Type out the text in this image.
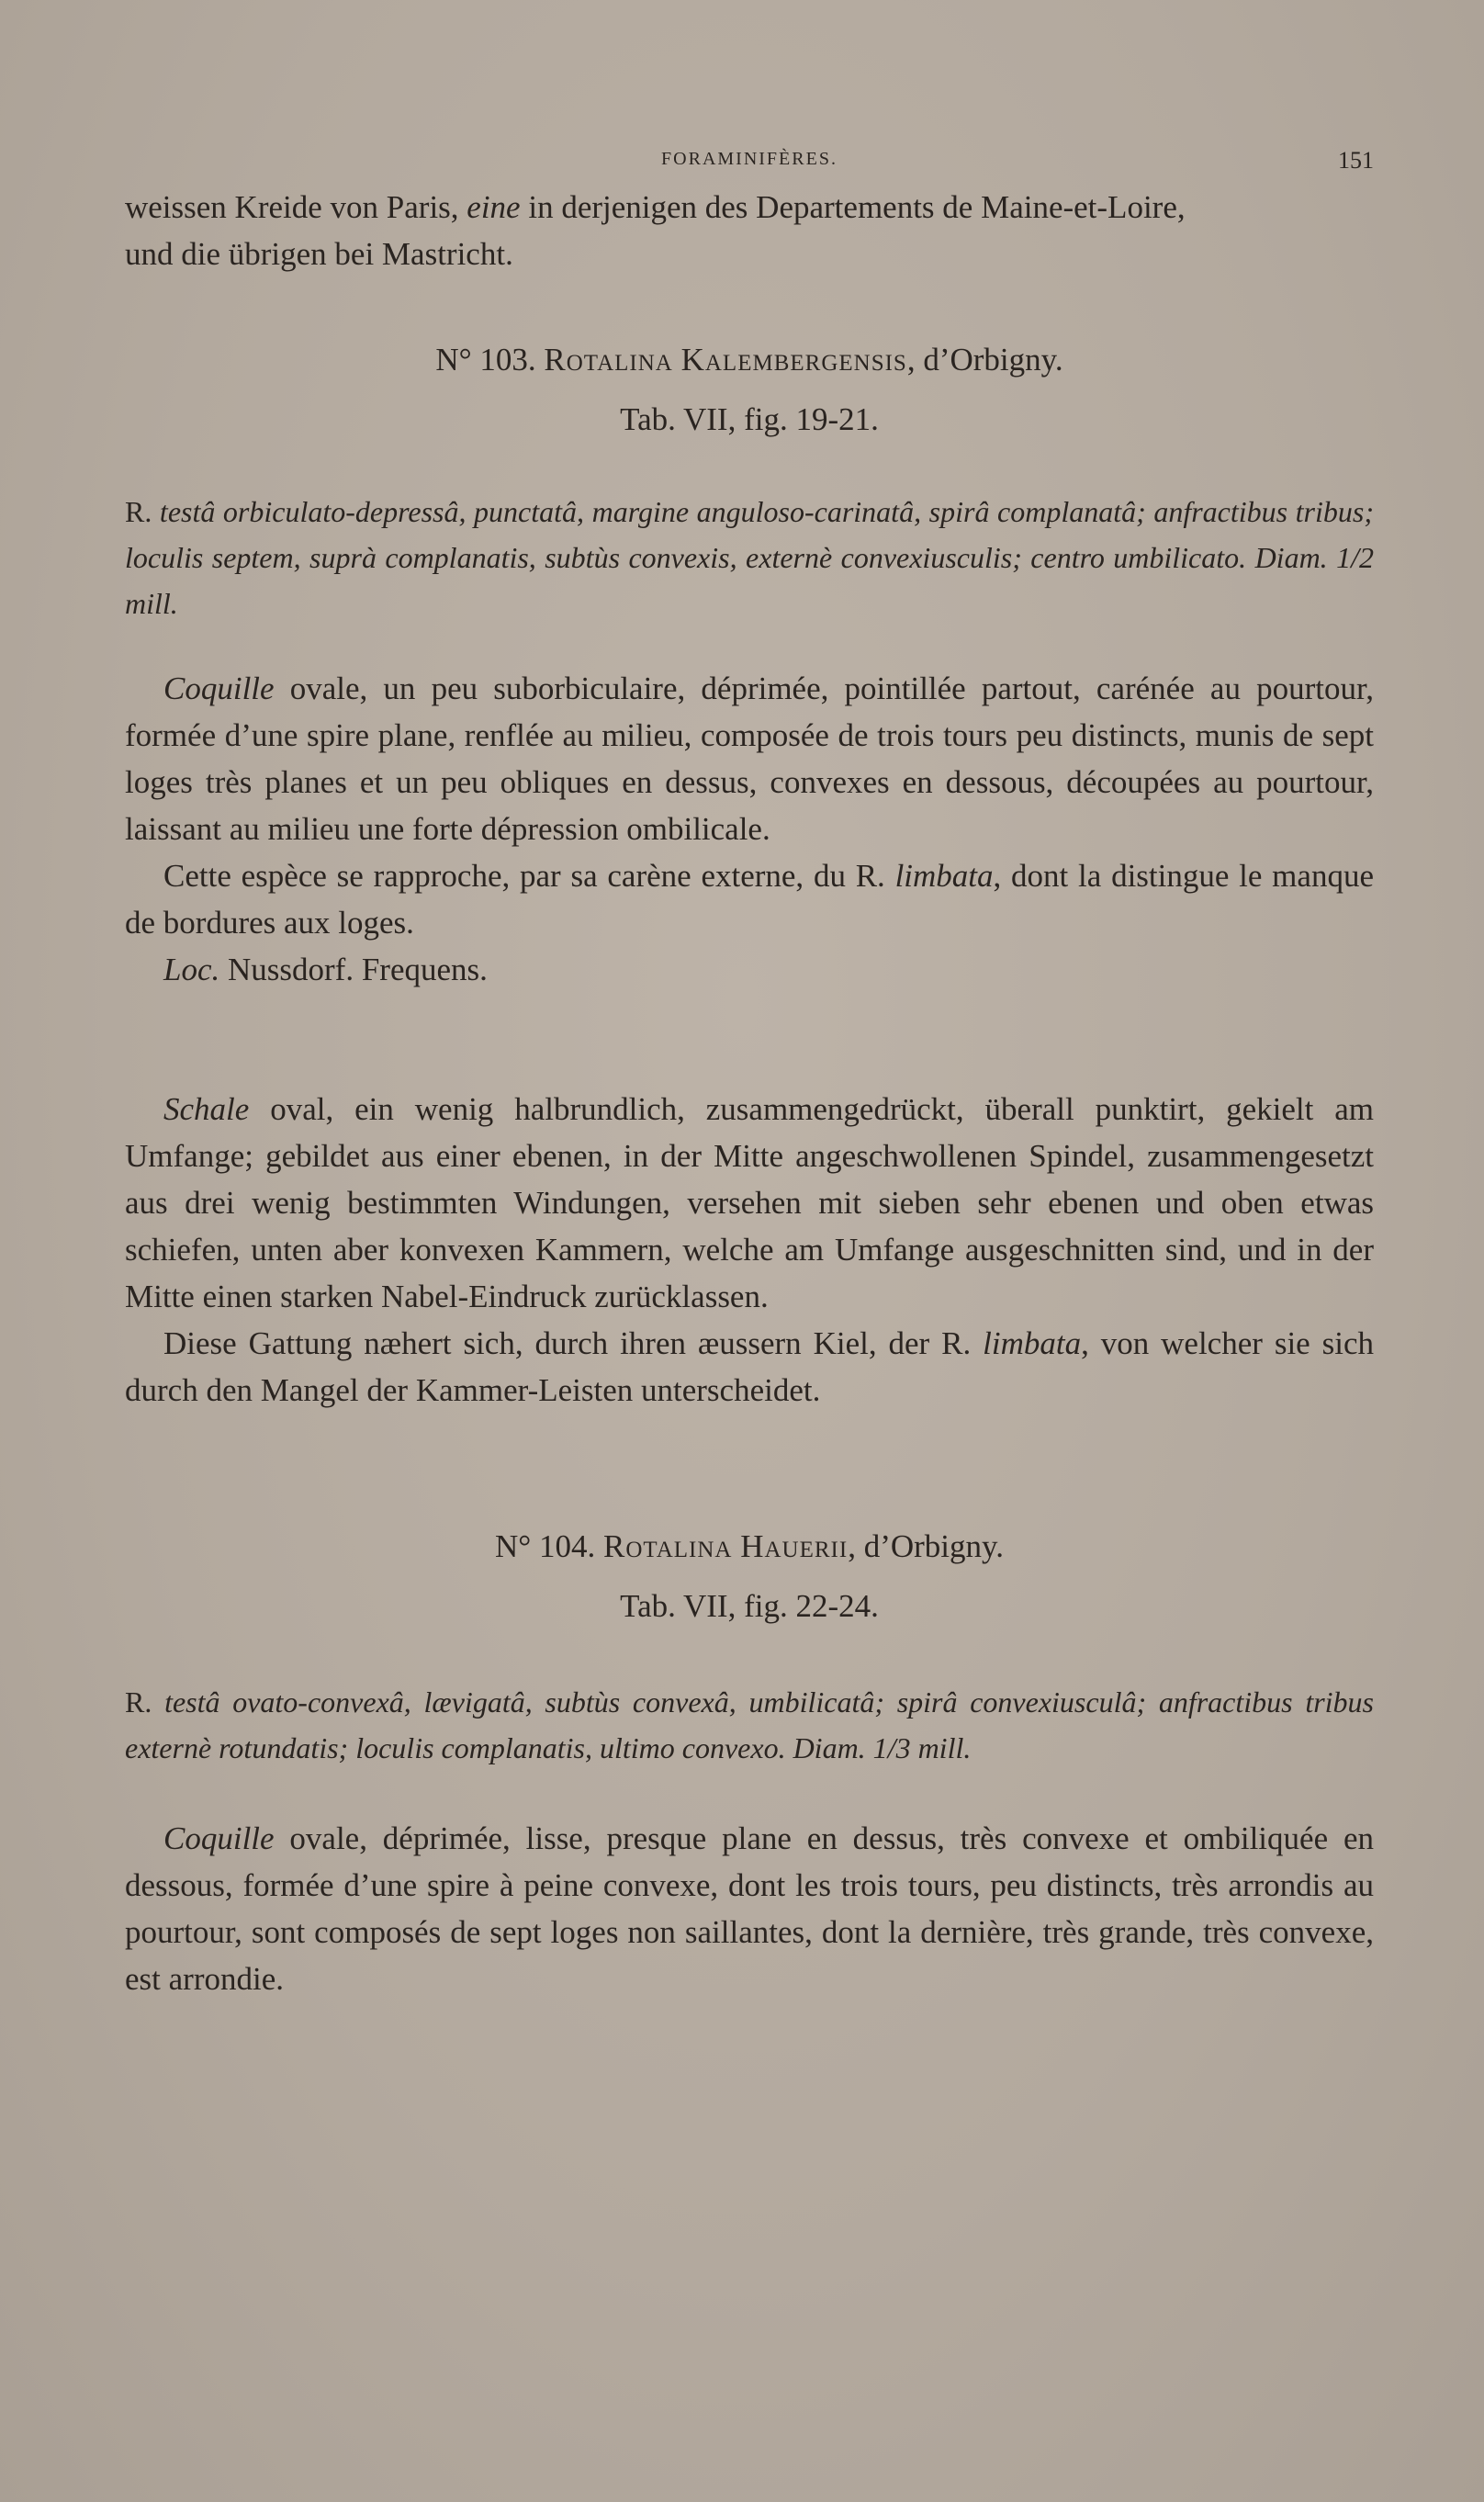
FORAMINIFÈRES.	151

weissen Kreide von Paris, eine in derjenigen des Departements de Maine-et-Loire,

und die übrigen bei Mastricht.

N° 103. Rotalina Kalembergensis, d’Orbigny.

Tab. VII, fig. 19-21.

R. testâ orbiculato-depressâ, punctatâ, margine anguloso-carinatâ, spirâ complanatâ; anfractibus tribus; loculis septem, suprà complanatis, subtùs convexis, externè convexiusculis; centro umbilicato. Diam. 1/2 mill.

Coquille ovale, un peu suborbiculaire, déprimée, pointillée partout, carénée au pourtour, formée d’une spire plane, renflée au milieu, composée de trois tours peu distincts, munis de sept loges très planes et un peu obliques en dessus, convexes en dessous, découpées au pourtour, laissant au milieu une forte dépression ombilicale.

Cette espèce se rapproche, par sa carène externe, du R. limbata, dont la distingue le manque de bordures aux loges.

Loc. Nussdorf. Frequens.

Schale oval, ein wenig halbrundlich, zusammengedrückt, überall punktirt, gekielt am Umfange; gebildet aus einer ebenen, in der Mitte angeschwollenen Spindel, zusammengesetzt aus drei wenig bestimmten Windungen, versehen mit sieben sehr ebenen und oben etwas schiefen, unten aber konvexen Kammern, welche am Umfange ausgeschnitten sind, und in der Mitte einen starken Nabel-Eindruck zurücklassen.

Diese Gattung næhert sich, durch ihren æussern Kiel, der R. limbata, von welcher sie sich durch den Mangel der Kammer-Leisten unterscheidet.

N° 104. Rotalina Hauerii, d’Orbigny.

Tab. VII, fig. 22-24.

R. testâ ovato-convexâ, lævigatâ, subtùs convexâ, umbilicatâ; spirâ convexiusculâ; anfractibus tribus externè rotundatis; loculis complanatis, ultimo convexo. Diam. 1/3 mill.

Coquille ovale, déprimée, lisse, presque plane en dessus, très convexe et ombiliquée en dessous, formée d’une spire à peine convexe, dont les trois tours, peu distincts, très arrondis au pourtour, sont composés de sept loges non saillantes, dont la dernière, très grande, très convexe, est arrondie.
